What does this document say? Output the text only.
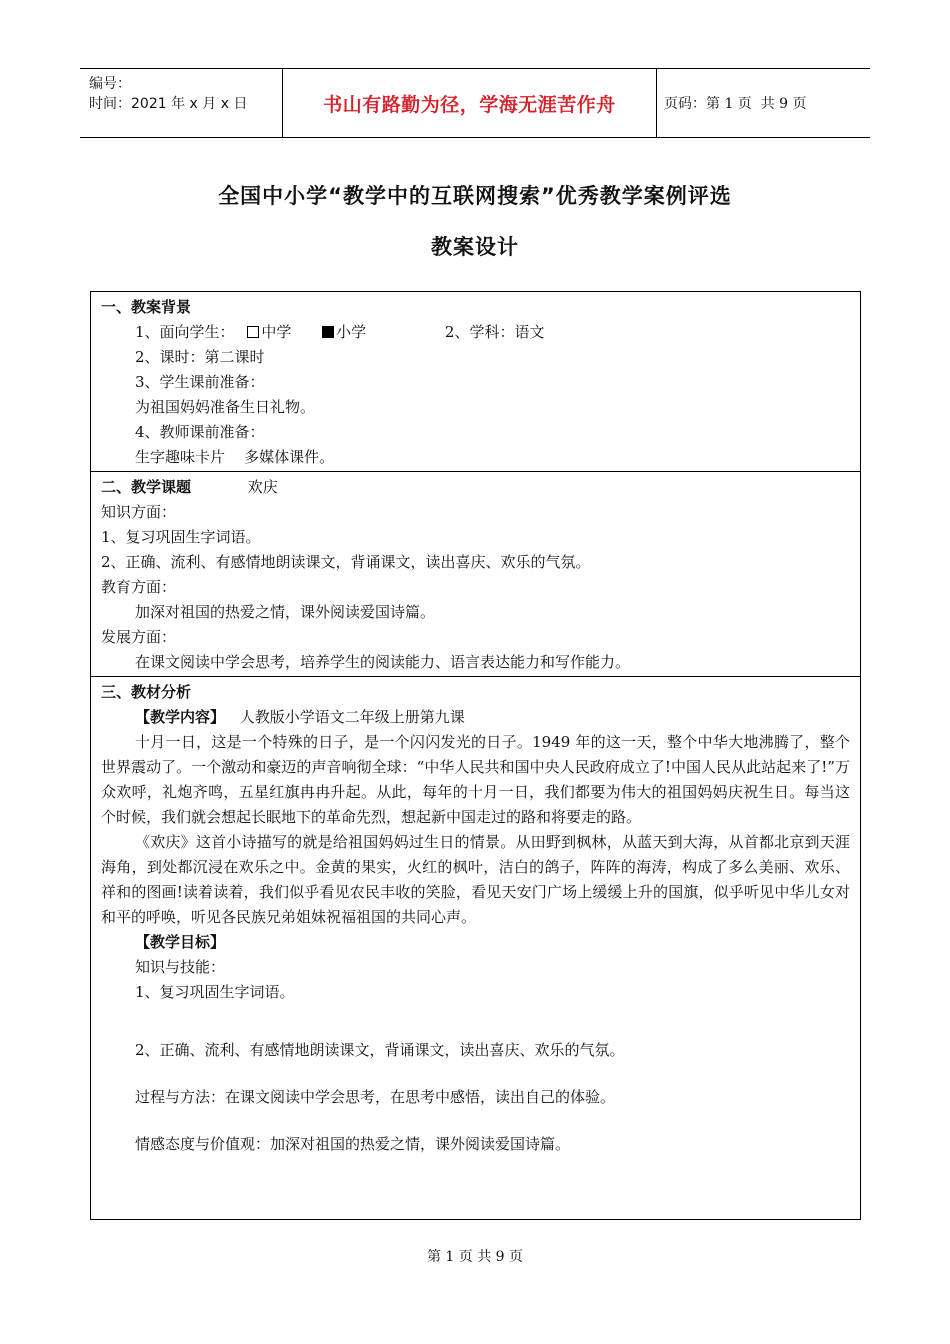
编号：
时间：2021 年 x 月 x 日	书山有路勤为径，学海无涯苦作舟	页码：第 1 页  共 9 页
全国中小学“教学中的互联网搜索”优秀教学案例评选
教案设计
一、教案背景
1、面向学生： 中学	小学	2、学科：语文
2、课时：第二课时
3、学生课前准备：
为祖国妈妈准备生日礼物。
4、教师课前准备：
生字趣味卡片    多媒体课件。
二、教学课题	欢庆
知识方面：
1、复习巩固生字词语。
2、正确、流利、有感情地朗读课文，背诵课文，读出喜庆、欢乐的气氛。
教育方面：
加深对祖国的热爱之情，课外阅读爱国诗篇。
发展方面：
在课文阅读中学会思考，培养学生的阅读能力、语言表达能力和写作能力。
三、教材分析
【教学内容】 人教版小学语文二年级上册第九课
十月一日，这是一个特殊的日子，是一个闪闪发光的日子。1949 年的这一天，整个中华大地沸腾了，整个世界震动了。一个激动和豪迈的声音响彻全球：“中华人民共和国中央人民政府成立了!中国人民从此站起来了!”万众欢呼，礼炮齐鸣，五星红旗冉冉升起。从此，每年的十月一日，我们都要为伟大的祖国妈妈庆祝生日。每当这个时候，我们就会想起长眠地下的革命先烈，想起新中国走过的路和将要走的路。
《欢庆》这首小诗描写的就是给祖国妈妈过生日的情景。从田野到枫林，从蓝天到大海，从首都北京到天涯海角，到处都沉浸在欢乐之中。金黄的果实，火红的枫叶，洁白的鸽子，阵阵的海涛，构成了多么美丽、欢乐、祥和的图画!读着读着，我们似乎看见农民丰收的笑脸，看见天安门广场上缓缓上升的国旗，似乎听见中华儿女对和平的呼唤，听见各民族兄弟姐妹祝福祖国的共同心声。
【教学目标】
知识与技能：
1、复习巩固生字词语。
2、正确、流利、有感情地朗读课文，背诵课文，读出喜庆、欢乐的气氛。
过程与方法：在课文阅读中学会思考，在思考中感悟，读出自己的体验。
情感态度与价值观：加深对祖国的热爱之情，课外阅读爱国诗篇。
第 1 页 共 9 页
